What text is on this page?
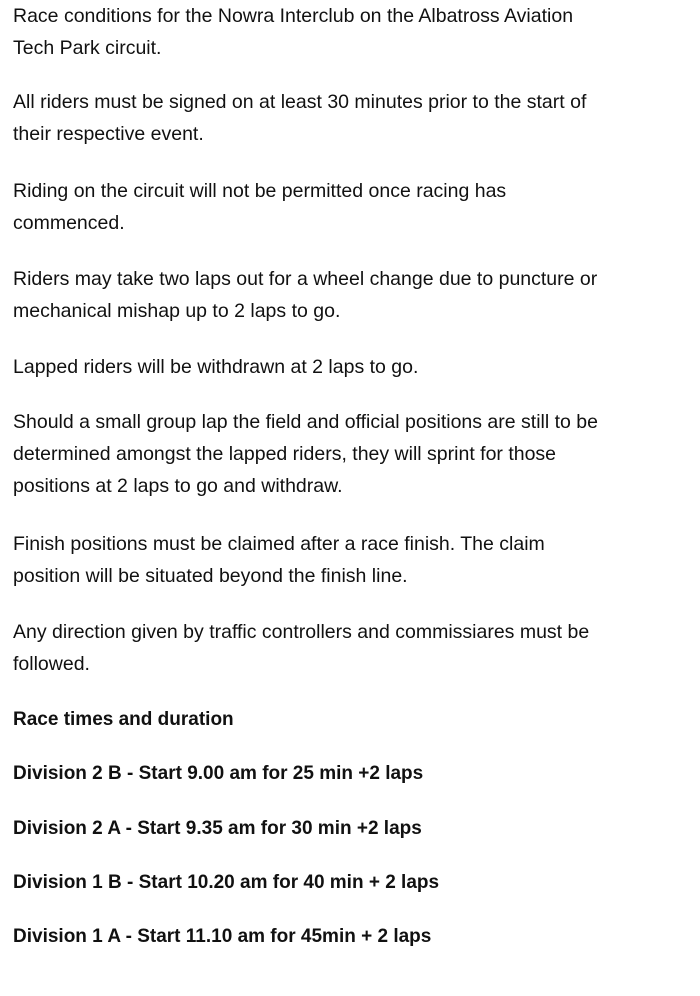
Race conditions for the Nowra Interclub on the Albatross Aviation
Tech Park circuit.

All riders must be signed on at least 30 minutes prior to the start of
their respective event.

Riding on the circuit will not be permitted once racing has
commenced.

Riders may take two laps out for a wheel change due to puncture or
mechanical mishap up to 2 laps to go.

Lapped riders will be withdrawn at 2 laps to go.

Should a small group lap the field and official positions are still to be
determined amongst the lapped riders, they will sprint for those
positions at 2 laps to go and withdraw.

Finish positions must be claimed after a race finish. The claim
position will be situated beyond the finish line.

Any direction given by traffic controllers and commissiares must be
followed.

Race times and duration

Division 2 B - Start 9.00 am for 25 min +2 laps

Division 2 A - Start 9.35 am for 30 min +2 laps

Division 1 B - Start 10.20 am for 40 min + 2 laps

Division 1 A - Start 11.10 am for 45min + 2 laps
